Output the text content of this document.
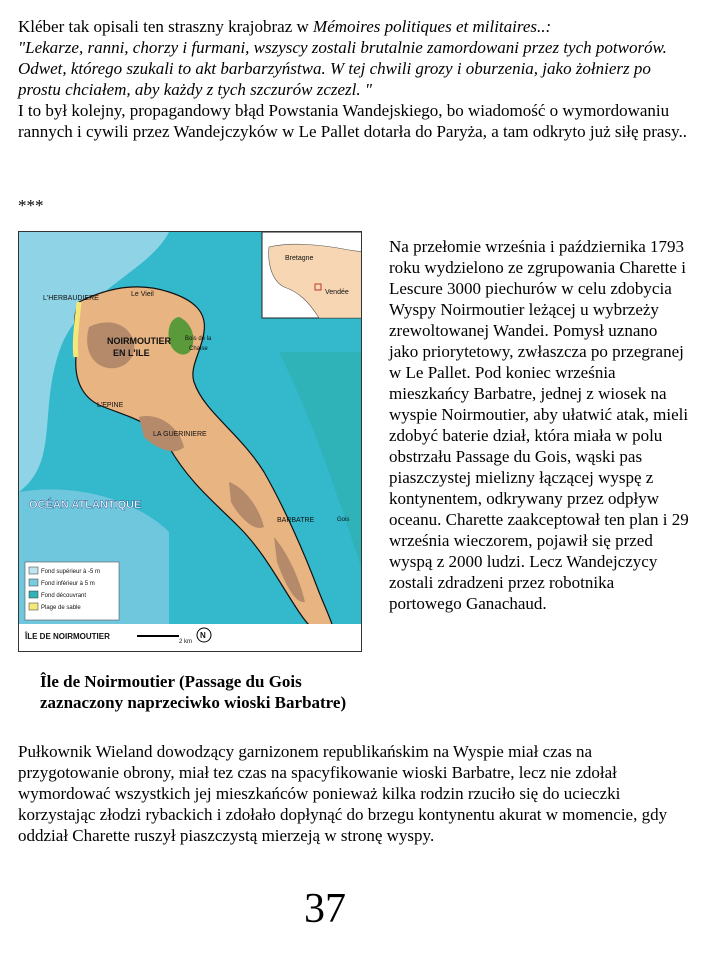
Kléber tak opisali ten straszny krajobraz w Mémoires politiques et militaires..:
"Lekarze, ranni, chorzy i furmani, wszyscy zostali brutalnie zamordowani przez tych potworów. Odwet, którego szukali to akt barbarzyństwa. W tej chwili grozy i oburzenia, jako żołnierz po prostu chciałem, aby każdy z tych szczurów zczezl. "
I to był kolejny, propagandowy błąd Powstania Wandejskiego, bo wiadomość o wymordowaniu rannych i cywili przez Wandejczyków w Le Pallet dotarła do Paryża, a tam odkryto już siłę prasy..

***
Bretagne
Vendée
L'HERBAUDIERE
Le Vieil
NOIRMOUTIER
EN L'ILE
Bois de la
Chaise
L'EPINE
LA GUERINIERE
BARBATRE	Gois
OCÉAN ATLANTIQUE
Fond supérieur à -5 m
Fond inférieur à 5 m
Fond découvrant
Plage de sable
ÎLE DE NOIRMOUTIER
2 km
N

Île de Noirmoutier (Passage du Gois zaznaczony naprzeciwko wioski Barbatre)

Na przełomie września i października 1793 roku wydzielono ze zgrupowania Charette i Lescure 3000 piechurów w celu zdobycia Wyspy Noirmoutier leżącej u wybrzeży zrewoltowanej Wandei. Pomysł uznano jako priorytetowy, zwłaszcza po przegranej w Le Pallet. Pod koniec września mieszkańcy Barbatre, jednej z wiosek na wyspie Noirmoutier, aby ułatwić atak, mieli zdobyć baterie dział, która miała w polu obstrzału Passage du Gois, wąski pas piaszczystej mielizny łączącej wyspę z kontynentem, odkrywany przez odpływ oceanu. Charette zaakceptował ten plan i 29 września wieczorem, pojawił się przed wyspą z 2000 ludzi. Lecz Wandejczycy zostali zdradzeni przez robotnika portowego Ganachaud.

Pułkownik Wieland dowodzący garnizonem republikańskim na Wyspie miał czas na przygotowanie obrony, miał tez czas na spacyfikowanie wioski Barbatre, lecz nie zdołał wymordować wszystkich jej mieszkańców ponieważ kilka rodzin rzuciło się do ucieczki korzystając złodzi rybackich i zdołało dopłynąć do brzegu kontynentu akurat w momencie, gdy oddział Charette ruszył piaszczystą mierzeją w stronę wyspy.

37
